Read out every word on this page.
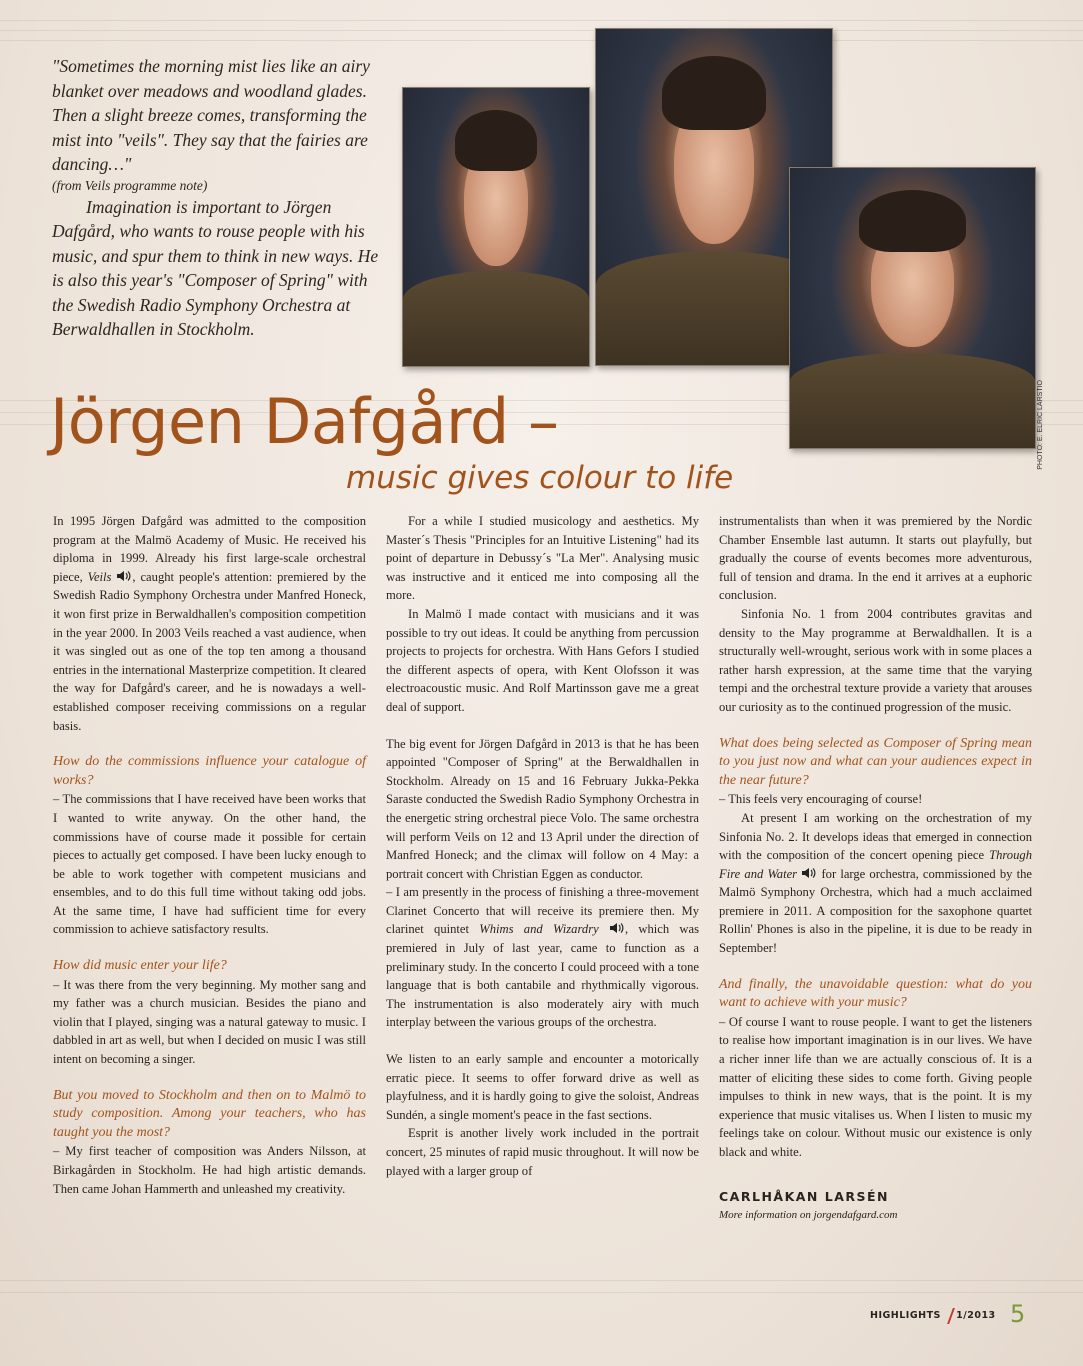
"Sometimes the morning mist lies like an airy blanket over meadows and woodland glades. Then a slight breeze comes, transforming the mist into "veils". They say that the fairies are dancing…"

(from Veils programme note)

Imagination is important to Jörgen Dafgård, who wants to rouse people with his music, and spur them to think in new ways. He is also this year's "Composer of Spring" with the Swedish Radio Symphony Orchestra at Berwaldhallen in Stockholm.

PHOTO: E. ELRIC LARSTIO
Jörgen Dafgård –
music gives colour to life

In 1995 Jörgen Dafgård was admitted to the composition program at the Malmö Academy of Music. He received his diploma in 1999. Already his first large-scale orchestral piece, Veils , caught people's attention: premiered by the Swedish Radio Symphony Orchestra under Manfred Honeck, it won first prize in Berwaldhallen's composition competition in the year 2000. In 2003 Veils reached a vast audience, when it was singled out as one of the top ten among a thousand entries in the international Masterprize competition. It cleared the way for Dafgård's career, and he is nowadays a well-established composer receiving commissions on a regular basis.

How do the commissions influence your catalogue of works?

– The commissions that I have received have been works that I wanted to write anyway. On the other hand, the commissions have of course made it possible for certain pieces to actually get composed. I have been lucky enough to be able to work together with competent musicians and ensembles, and to do this full time without taking odd jobs. At the same time, I have had sufficient time for every commission to achieve satisfactory results.

How did music enter your life?

– It was there from the very beginning. My mother sang and my father was a church musician. Besides the piano and violin that I played, singing was a natural gateway to music. I dabbled in art as well, but when I decided on music I was still intent on becoming a singer.

But you moved to Stockholm and then on to Malmö to study composition. Among your teachers, who has taught you the most?

– My first teacher of composition was Anders Nilsson, at Birkagården in Stockholm. He had high artistic demands. Then came Johan Hammerth and unleashed my creativity.

For a while I studied musicology and aesthetics. My Master´s Thesis "Principles for an Intuitive Listening" had its point of departure in Debussy´s "La Mer". Analysing music was instructive and it enticed me into composing all the more.

In Malmö I made contact with musicians and it was possible to try out ideas. It could be anything from percussion projects to projects for orchestra. With Hans Gefors I studied the different aspects of opera, with Kent Olofsson it was electroacoustic music. And Rolf Martinsson gave me a great deal of support.

The big event for Jörgen Dafgård in 2013 is that he has been appointed "Composer of Spring" at the Berwaldhallen in Stockholm. Already on 15 and 16 February Jukka-Pekka Saraste conducted the Swedish Radio Symphony Orchestra in the energetic string orchestral piece Volo. The same orchestra will perform Veils on 12 and 13 April under the direction of Manfred Honeck; and the climax will follow on 4 May: a portrait concert with Christian Eggen as conductor.

– I am presently in the process of finishing a three-movement Clarinet Concerto that will receive its premiere then. My clarinet quintet Whims and Wizardry , which was premiered in July of last year, came to function as a preliminary study. In the concerto I could proceed with a tone language that is both cantabile and rhythmically vigorous. The instrumentation is also moderately airy with much interplay between the various groups of the orchestra.

We listen to an early sample and encounter a motorically erratic piece. It seems to offer forward drive as well as playfulness, and it is hardly going to give the soloist, Andreas Sundén, a single moment's peace in the fast sections.

Esprit is another lively work included in the portrait concert, 25 minutes of rapid music throughout. It will now be played with a larger group of

instrumentalists than when it was premiered by the Nordic Chamber Ensemble last autumn. It starts out playfully, but gradually the course of events becomes more adventurous, full of tension and drama. In the end it arrives at a euphoric conclusion.

Sinfonia No. 1 from 2004 contributes gravitas and density to the May programme at Berwaldhallen. It is a structurally well-wrought, serious work with in some places a rather harsh expression, at the same time that the varying tempi and the orchestral texture provide a variety that arouses our curiosity as to the continued progression of the music.

What does being selected as Composer of Spring mean to you just now and what can your audiences expect in the near future?

– This feels very encouraging of course!

At present I am working on the orchestration of my Sinfonia No. 2. It develops ideas that emerged in connection with the composition of the concert opening piece Through Fire and Water  for large orchestra, commissioned by the Malmö Symphony Orchestra, which had a much acclaimed premiere in 2011. A composition for the saxophone quartet Rollin' Phones is also in the pipeline, it is due to be ready in September!

And finally, the unavoidable question: what do you want to achieve with your music?

– Of course I want to rouse people. I want to get the listeners to realise how important imagination is in our lives. We have a richer inner life than we are actually conscious of. It is a matter of eliciting these sides to come forth. Giving people impulses to think in new ways, that is the point. It is my experience that music vitalises us. When I listen to music my feelings take on colour. Without music our existence is only black and white.

CARLHÅKAN LARSÉN

More information on jorgendafgard.com

HIGHLIGHTS 1/2013 5
